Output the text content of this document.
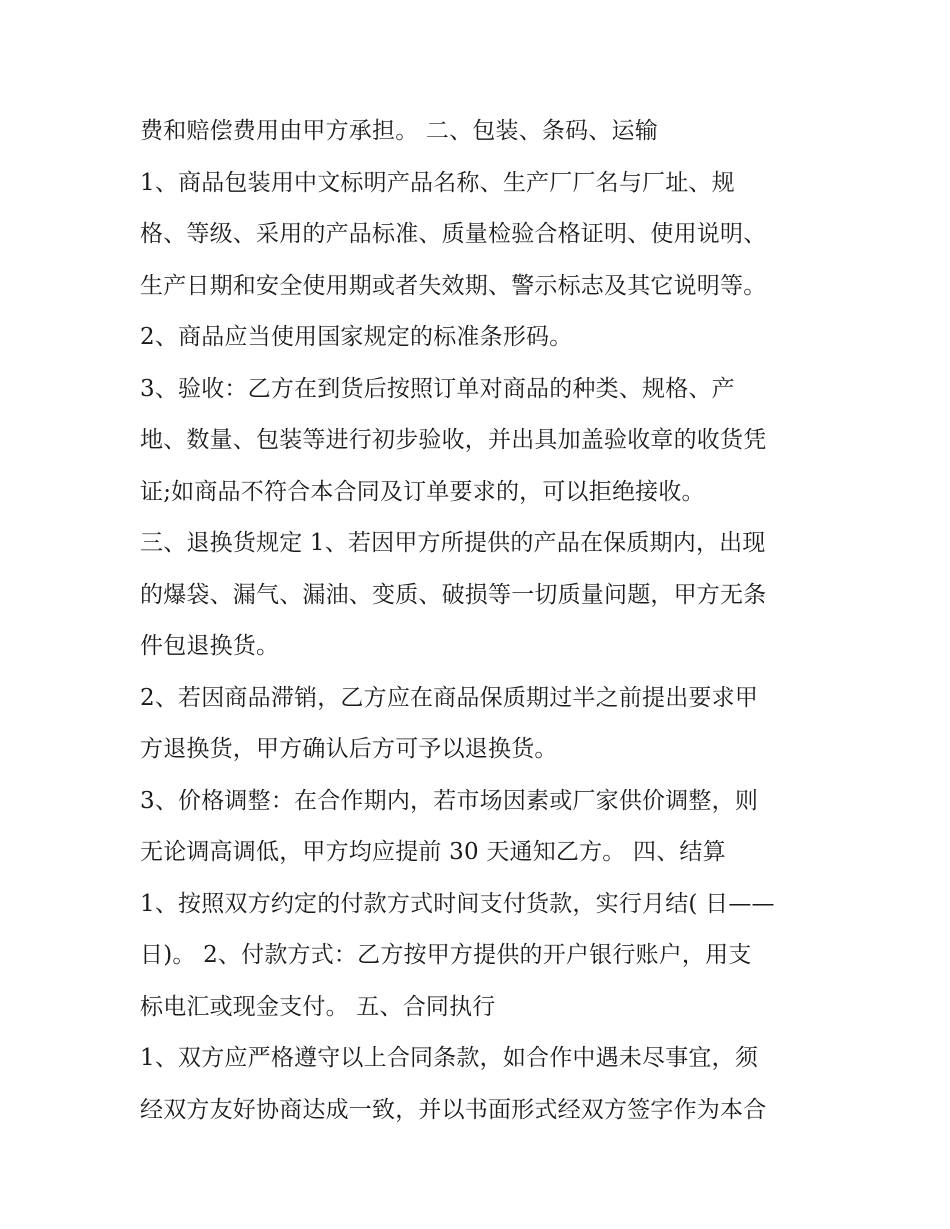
费和赔偿费用由甲方承担。 二、包装、条码、运输
1、商品包装用中文标明产品名称、生产厂厂名与厂址、规
格、等级、采用的产品标准、质量检验合格证明、使用说明、
生产日期和安全使用期或者失效期、警示标志及其它说明等。
2、商品应当使用国家规定的标准条形码。
3、验收：乙方在到货后按照订单对商品的种类、规格、产
地、数量、包装等进行初步验收，并出具加盖验收章的收货凭
证;如商品不符合本合同及订单要求的，可以拒绝接收。
三、退换货规定 1、若因甲方所提供的产品在保质期内，出现
的爆袋、漏气、漏油、变质、破损等一切质量问题，甲方无条
件包退换货。
2、若因商品滞销，乙方应在商品保质期过半之前提出要求甲
方退换货，甲方确认后方可予以退换货。
3、价格调整：在合作期内，若市场因素或厂家供价调整，则
无论调高调低，甲方均应提前 30 天通知乙方。 四、结算
1、按照双方约定的付款方式时间支付货款，实行月结( 日——
日)。 2、付款方式：乙方按甲方提供的开户银行账户，用支
标电汇或现金支付。 五、合同执行
1、双方应严格遵守以上合同条款，如合作中遇未尽事宜，须
经双方友好协商达成一致，并以书面形式经双方签字作为本合
